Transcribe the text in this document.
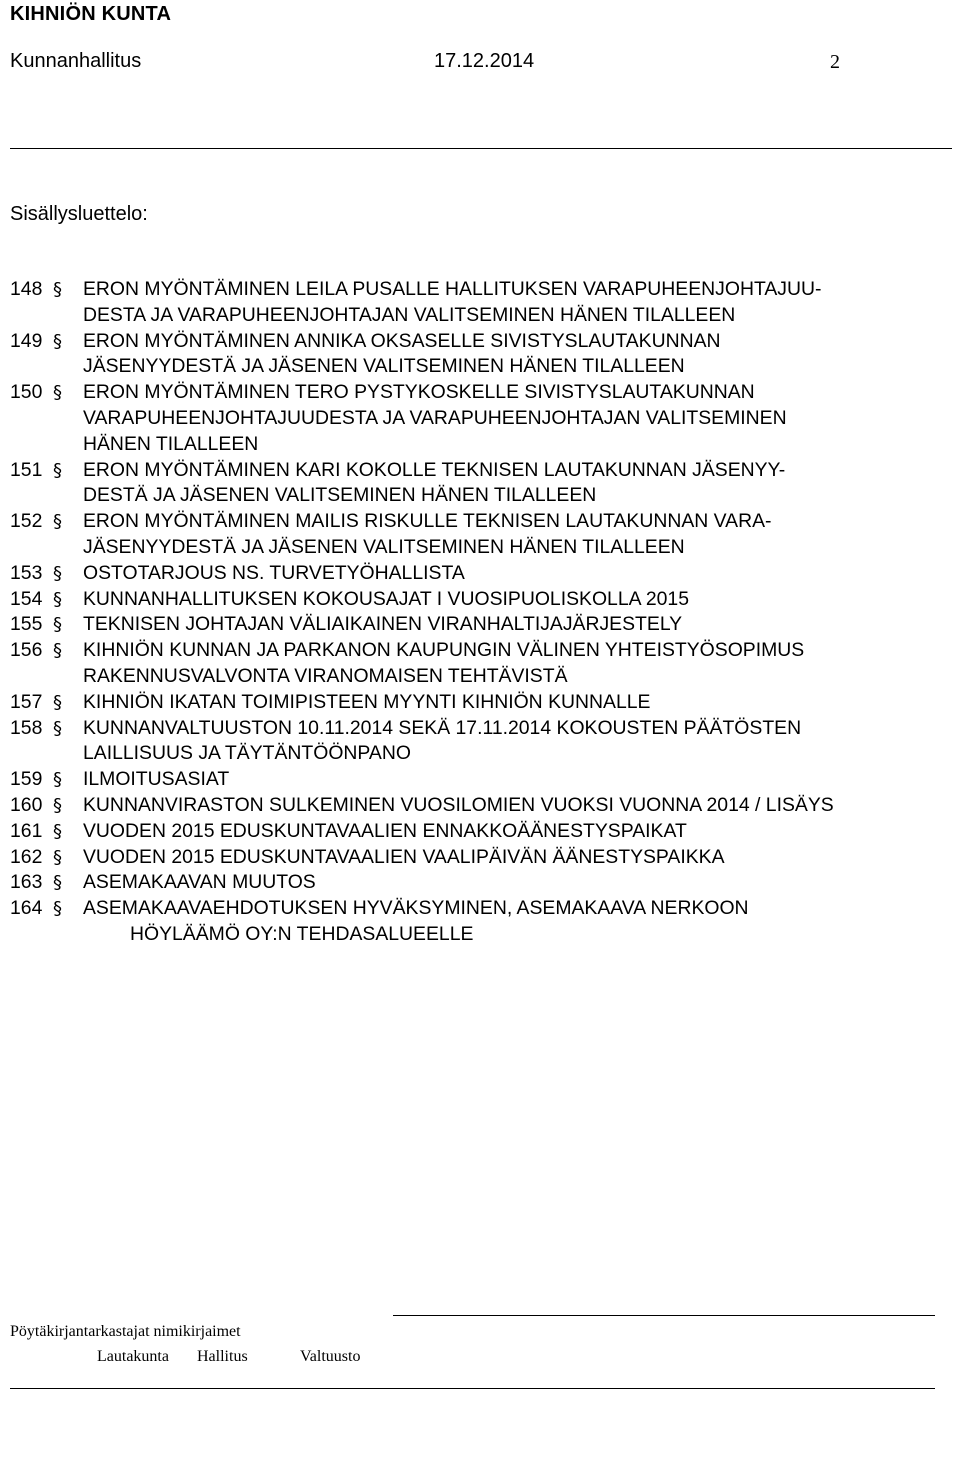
KIHNIÖN KUNTA
Kunnanhallitus	17.12.2014	2
Sisällysluettelo:
148 § ERON MYÖNTÄMINEN LEILA PUSALLE HALLITUKSEN VARAPUHEENJOHTAJUU-
DESTA JA VARAPUHEENJOHTAJAN VALITSEMINEN HÄNEN TILALLEEN
149 § ERON MYÖNTÄMINEN ANNIKA OKSASELLE SIVISTYSLAUTAKUNNAN
JÄSENYYDESTÄ JA JÄSENEN VALITSEMINEN HÄNEN TILALLEEN
150 § ERON MYÖNTÄMINEN TERO PYSTYKOSKELLE SIVISTYSLAUTAKUNNAN
VARAPUHEENJOHTAJUUDESTA JA VARAPUHEENJOHTAJAN VALITSEMINEN
HÄNEN TILALLEEN
151 § ERON MYÖNTÄMINEN KARI KOKOLLE TEKNISEN LAUTAKUNNAN JÄSENYY-
DESTÄ JA JÄSENEN VALITSEMINEN HÄNEN TILALLEEN
152 § ERON MYÖNTÄMINEN MAILIS RISKULLE TEKNISEN LAUTAKUNNAN VARA-
JÄSENYYDESTÄ JA JÄSENEN VALITSEMINEN HÄNEN TILALLEEN
153 § OSTOTARJOUS NS. TURVETYÖHALLISTA
154 § KUNNANHALLITUKSEN KOKOUSAJAT I VUOSIPUOLISKOLLA 2015
155 § TEKNISEN JOHTAJAN VÄLIAIKAINEN VIRANHALTIJAJÄRJESTELY
156 § KIHNIÖN KUNNAN JA PARKANON KAUPUNGIN VÄLINEN YHTEISTYÖSOPIMUS
RAKENNUSVALVONTA VIRANOMAISEN TEHTÄVISTÄ
157 § KIHNIÖN IKATAN TOIMIPISTEEN MYYNTI KIHNIÖN KUNNALLE
158 § KUNNANVALTUUSTON 10.11.2014 SEKÄ 17.11.2014 KOKOUSTEN PÄÄTÖSTEN
LAILLISUUS JA TÄYTÄNTÖÖNPANO
159 § ILMOITUSASIAT
160 § KUNNANVIRASTON SULKEMINEN VUOSILOMIEN VUOKSI VUONNA 2014 / LISÄYS
161 § VUODEN 2015 EDUSKUNTAVAALIEN ENNAKKOÄÄNESTYSPAIKAT
162 § VUODEN 2015 EDUSKUNTAVAALIEN VAALIPÄIVÄN ÄÄNESTYSPAIKKA
163 § ASEMAKAAVAN MUUTOS
164 § ASEMAKAAVAEHDOTUKSEN HYVÄKSYMINEN, ASEMAKAAVA NERKOON
HÖYLÄÄMÖ OY:N TEHDASALUEELLE
Pöytäkirjantarkastajat nimikirjaimet
Lautakunta Hallitus	Valtuusto
